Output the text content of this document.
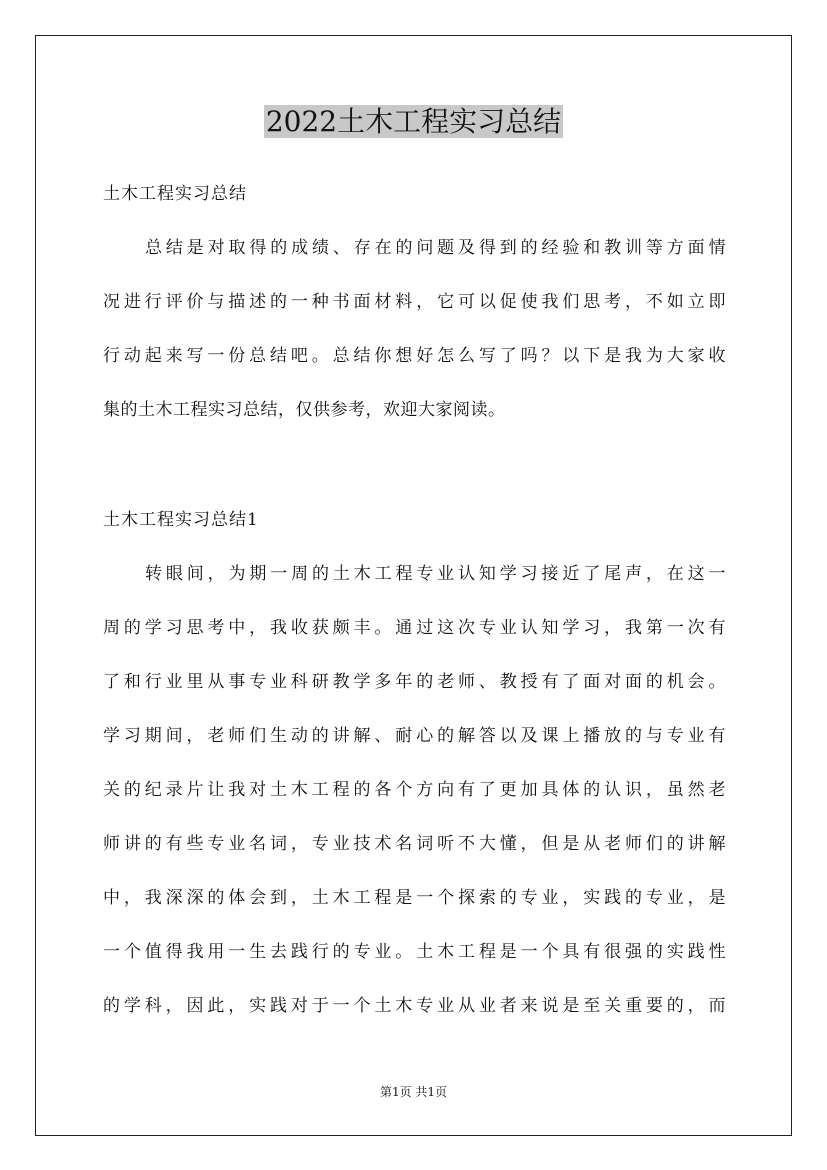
2022土木工程实习总结
土木工程实习总结
总结是对取得的成绩、存在的问题及得到的经验和教训等方面情
况进行评价与描述的一种书面材料，它可以促使我们思考，不如立即
行动起来写一份总结吧。总结你想好怎么写了吗？以下是我为大家收
集的土木工程实习总结，仅供参考，欢迎大家阅读。
土木工程实习总结1
转眼间，为期一周的土木工程专业认知学习接近了尾声，在这一
周的学习思考中，我收获颇丰。通过这次专业认知学习，我第一次有
了和行业里从事专业科研教学多年的老师、教授有了面对面的机会。
学习期间，老师们生动的讲解、耐心的解答以及课上播放的与专业有
关的纪录片让我对土木工程的各个方向有了更加具体的认识，虽然老
师讲的有些专业名词，专业技术名词听不大懂，但是从老师们的讲解
中，我深深的体会到，土木工程是一个探索的专业，实践的专业，是
一个值得我用一生去践行的专业。土木工程是一个具有很强的实践性
的学科，因此，实践对于一个土木专业从业者来说是至关重要的，而
第1页 共1页
